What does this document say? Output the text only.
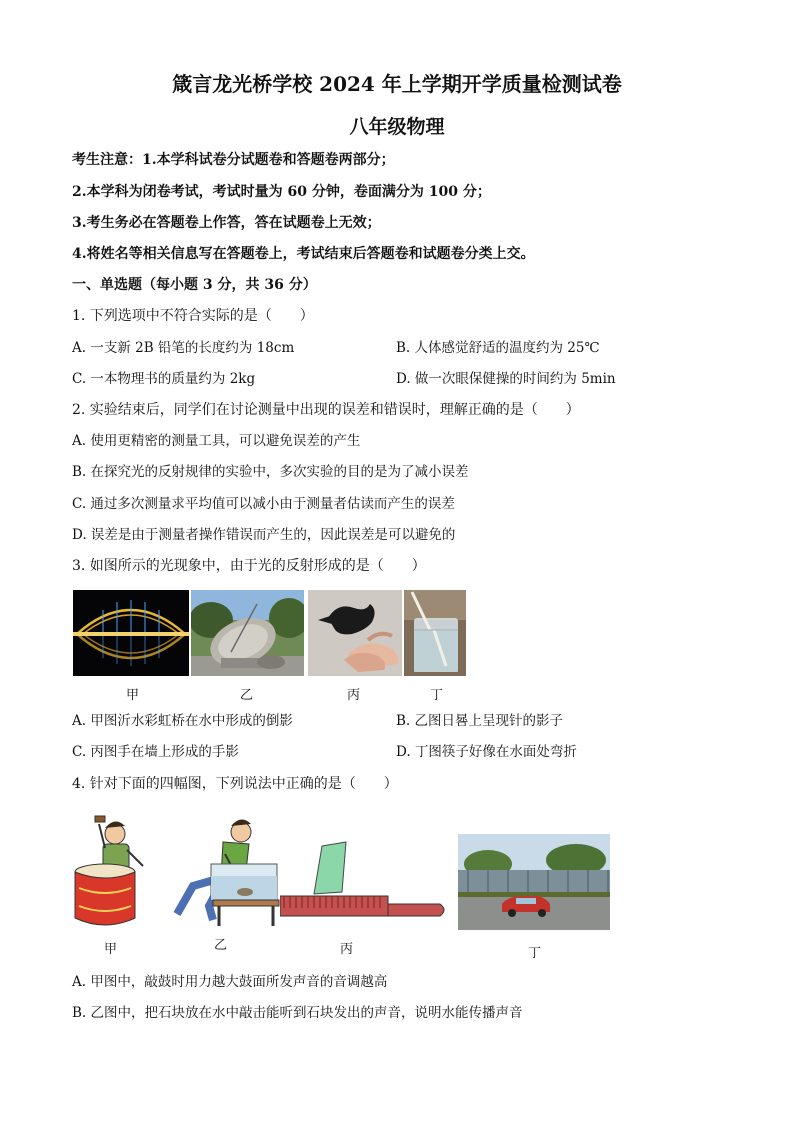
箴言龙光桥学校 2024 年上学期开学质量检测试卷
八年级物理
考生注意：1.本学科试卷分试题卷和答题卷两部分；
2.本学科为闭卷考试，考试时量为 60 分钟，卷面满分为 100 分；
3.考生务必在答题卷上作答，答在试题卷上无效；
4.将姓名等相关信息写在答题卷上，考试结束后答题卷和试题卷分类上交。
一、单选题（每小题 3 分，共 36 分）
1. 下列选项中不符合实际的是（　　）
A. 一支新 2B 铅笔的长度约为 18cm	B. 人体感觉舒适的温度约为 25℃
C. 一本物理书的质量约为 2kg	D. 做一次眼保健操的时间约为 5min
2. 实验结束后，同学们在讨论测量中出现的误差和错误时，理解正确的是（　　）
A. 使用更精密的测量工具，可以避免误差的产生
B. 在探究光的反射规律的实验中，多次实验的目的是为了减小误差
C. 通过多次测量求平均值可以减小由于测量者估读而产生的误差
D. 误差是由于测量者操作错误而产生的，因此误差是可以避免的
3. 如图所示的光现象中，由于光的反射形成的是（　　）
甲	乙	丙	丁
A. 甲图沂水彩虹桥在水中形成的倒影	B. 乙图日晷上呈现针的影子
C. 丙图手在墙上形成的手影	D. 丁图筷子好像在水面处弯折
4. 针对下面的四幅图，下列说法中正确的是（　　）
甲	乙	丙	丁
A. 甲图中，敲鼓时用力越大鼓面所发声音的音调越高
B. 乙图中，把石块放在水中敲击能听到石块发出的声音，说明水能传播声音
